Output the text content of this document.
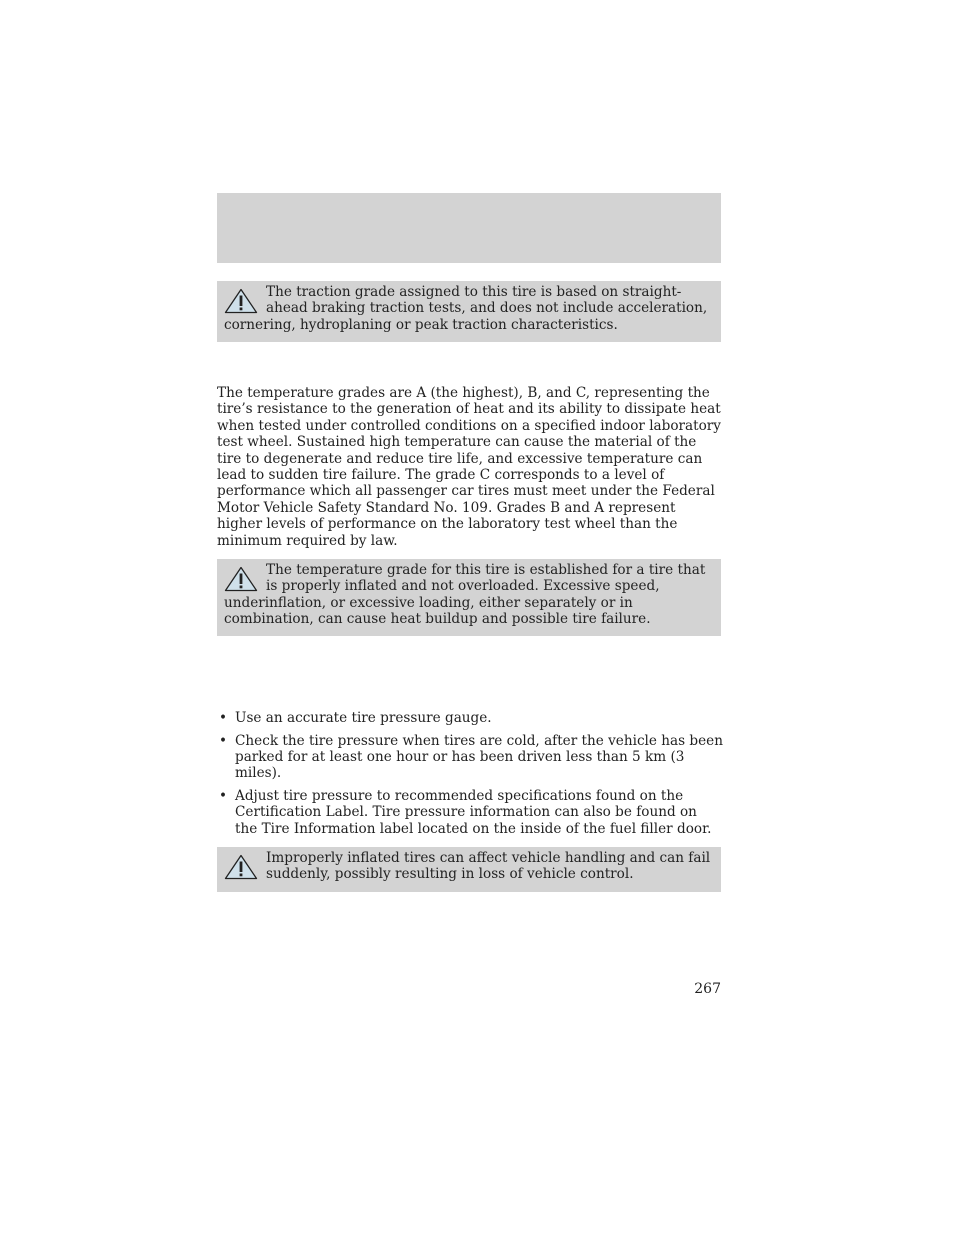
The traction grade assigned to this tire is based on straight-ahead braking traction tests, and does not include acceleration, cornering, hydroplaning or peak traction characteristics.

The temperature grades are A (the highest), B, and C, representing the tire’s resistance to the generation of heat and its ability to dissipate heat when tested under controlled conditions on a specified indoor laboratory test wheel. Sustained high temperature can cause the material of the tire to degenerate and reduce tire life, and excessive temperature can lead to sudden tire failure. The grade C corresponds to a level of performance which all passenger car tires must meet under the Federal Motor Vehicle Safety Standard No. 109. Grades B and A represent higher levels of performance on the laboratory test wheel than the minimum required by law.

The temperature grade for this tire is established for a tire that is properly inflated and not overloaded. Excessive speed, underinflation, or excessive loading, either separately or in combination, can cause heat buildup and possible tire failure.
• Use an accurate tire pressure gauge.
• Check the tire pressure when tires are cold, after the vehicle has been parked for at least one hour or has been driven less than 5 km (3 miles).
• Adjust tire pressure to recommended specifications found on the Certification Label. Tire pressure information can also be found on the Tire Information label located on the inside of the fuel filler door.
Improperly inflated tires can affect vehicle handling and can fail suddenly, possibly resulting in loss of vehicle control.
267
